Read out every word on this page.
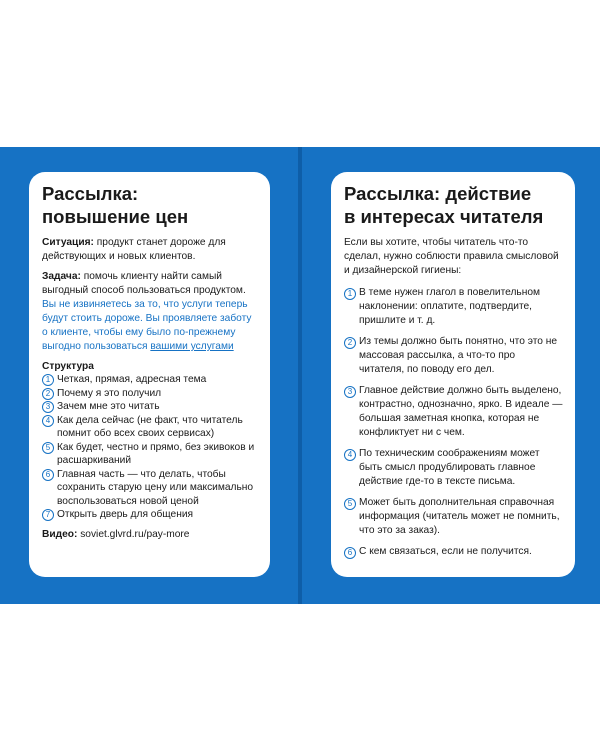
Рассылка:
повышение цен
Ситуация: продукт станет дороже для действующих и новых клиентов.
Задача: помочь клиенту найти самый выгодный способ пользоваться продуктом. Вы не извиняетесь за то, что услуги теперь будут стоить дороже. Вы проявляете заботу о клиенте, чтобы ему было по-прежнему выгодно пользоваться вашими услугами
Структура
1 Четкая, прямая, адресная тема
2 Почему я это получил
3 Зачем мне это читать
4 Как дела сейчас (не факт, что читатель помнит обо всех своих сервисах)
5 Как будет, честно и прямо, без экивоков и расшаркиваний
6 Главная часть — что делать, чтобы сохранить старую цену или максимально воспользоваться новой ценой
7 Открыть дверь для общения
Видео: soviet.glvrd.ru/pay-more
Рассылка: действие
в интересах читателя
Если вы хотите, чтобы читатель что-то сделал, нужно соблюсти правила смысловой и дизайнерской гигиены:
1 В теме нужен глагол в повелительном наклонении: оплатите, подтвердите, пришлите и т. д.
2 Из темы должно быть понятно, что это не массовая рассылка, а что-то про читателя, по поводу его дел.
3 Главное действие должно быть выделено, контрастно, однозначно, ярко. В идеале — большая заметная кнопка, которая не конфликтует ни с чем.
4 По техническим соображениям может быть смысл продублировать главное действие где-то в тексте письма.
5 Может быть дополнительная справочная информация (читатель может не помнить, что это за заказ).
6 С кем связаться, если не получится.
